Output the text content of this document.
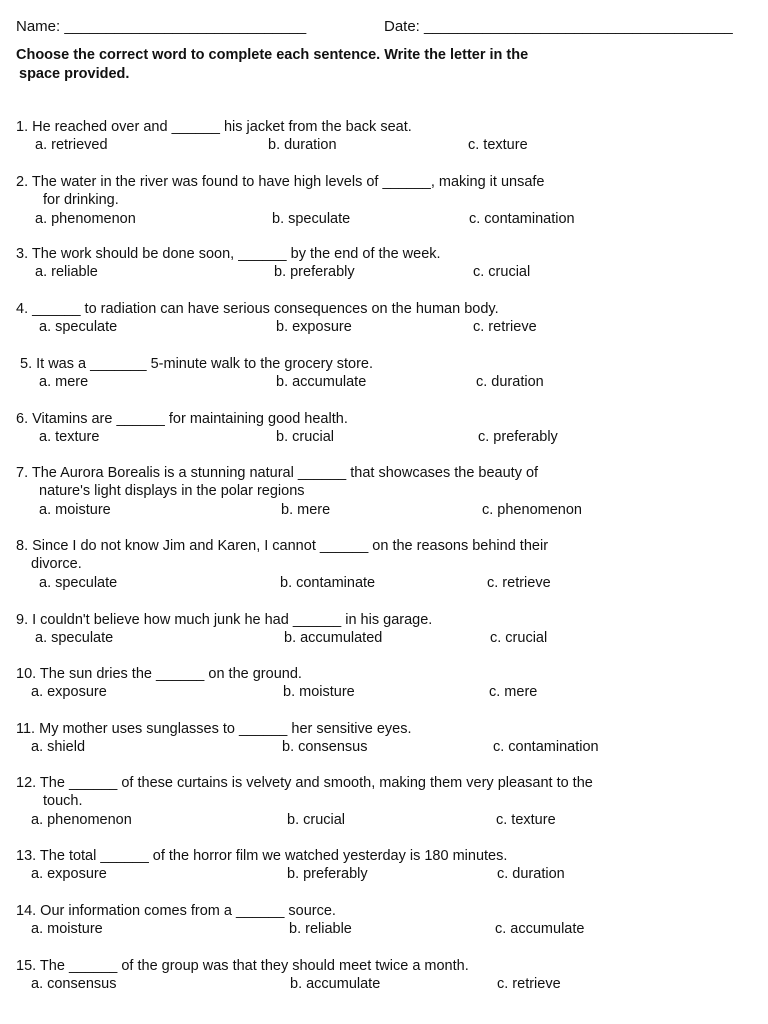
Name: _____________________________	Date: _____________________________________
Choose the correct word to complete each sentence. Write the letter in the
space provided.
1. He reached over and ______ his jacket from the back seat.
a. retrieved	b. duration	c. texture
2. The water in the river was found to have high levels of ______, making it unsafe
for drinking.
a. phenomenon	b. speculate	c. contamination
3. The work should be done soon, ______ by the end of the week.
a. reliable	b. preferably	c. crucial
4. ______ to radiation can have serious consequences on the human body.
a. speculate	b. exposure	c. retrieve
5. It was a _______ 5-minute walk to the grocery store.
a. mere	b. accumulate	c. duration
6. Vitamins are ______ for maintaining good health.
a. texture	b. crucial	c. preferably
7. The Aurora Borealis is a stunning natural ______ that showcases the beauty of
nature's light displays in the polar regions
a. moisture	b. mere	c. phenomenon
8. Since I do not know Jim and Karen, I cannot ______ on the reasons behind their
divorce.
a. speculate	b. contaminate	c. retrieve
9. I couldn't believe how much junk he had ______ in his garage.
a. speculate	b. accumulated	c. crucial
10. The sun dries the ______ on the ground.
a. exposure	b. moisture	c. mere
11. My mother uses sunglasses to ______ her sensitive eyes.
a. shield	b. consensus	c. contamination
12. The ______ of these curtains is velvety and smooth, making them very pleasant to the
touch.
a. phenomenon	b. crucial	c. texture
13. The total ______ of the horror film we watched yesterday is 180 minutes.
a. exposure	b. preferably	c. duration
14. Our information comes from a ______ source.
a. moisture	b. reliable	c. accumulate
15. The ______ of the group was that they should meet twice a month.
a. consensus	b. accumulate	c. retrieve
